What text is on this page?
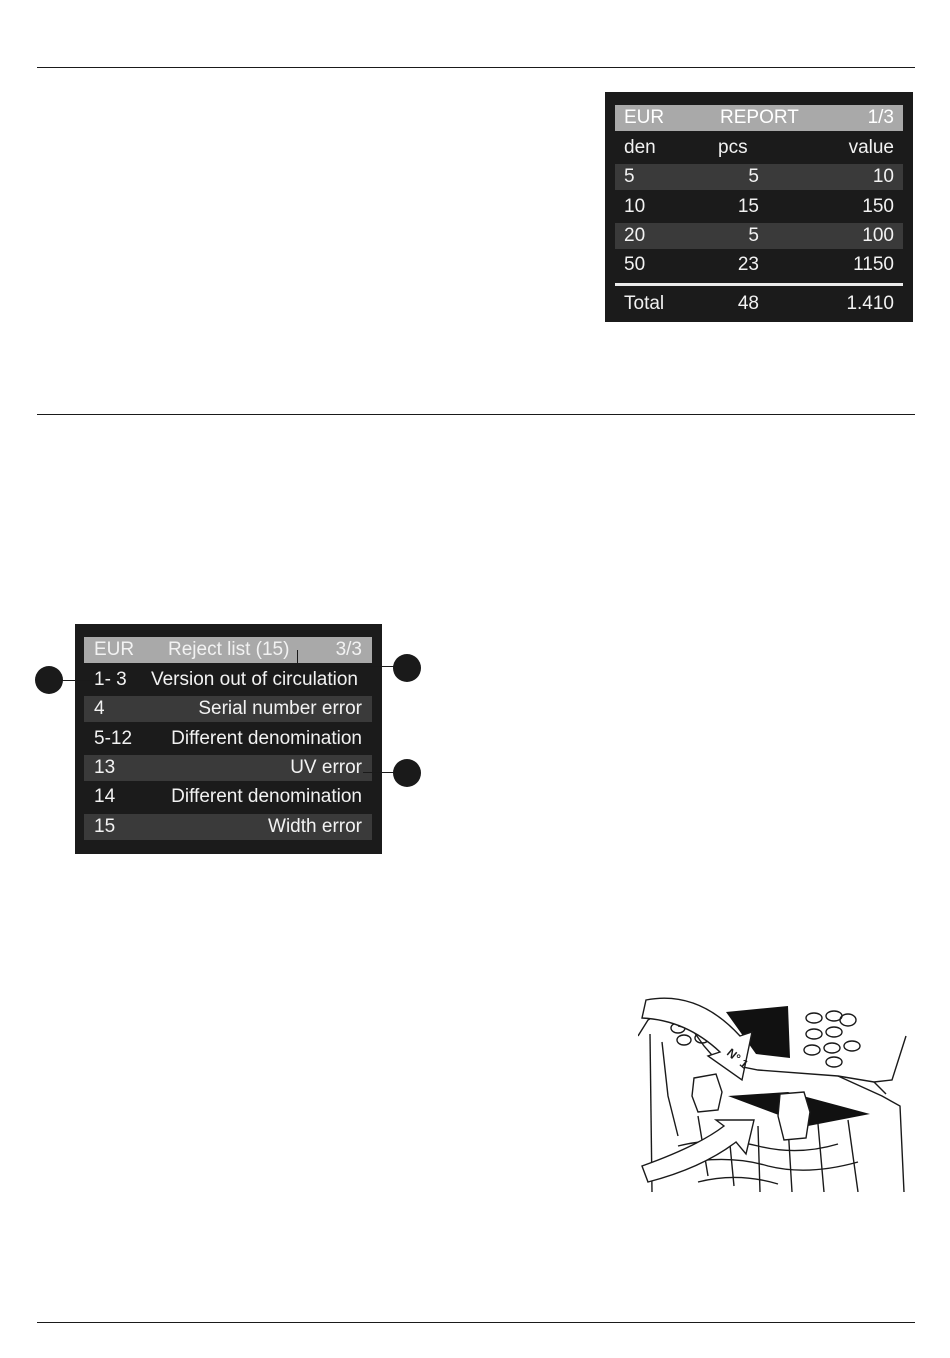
EUR	REPORT	1/3
den	pcs	value
5	5	10
10	15	150
20	5	100
50	23	1150
Total	48	1.410
EUR Reject list (15) 3/3
1- 3 Version out of circulation
4	Serial number error
5-12 Different denomination
13	UV error
14	Different denomination
15	Width error
N° 1
